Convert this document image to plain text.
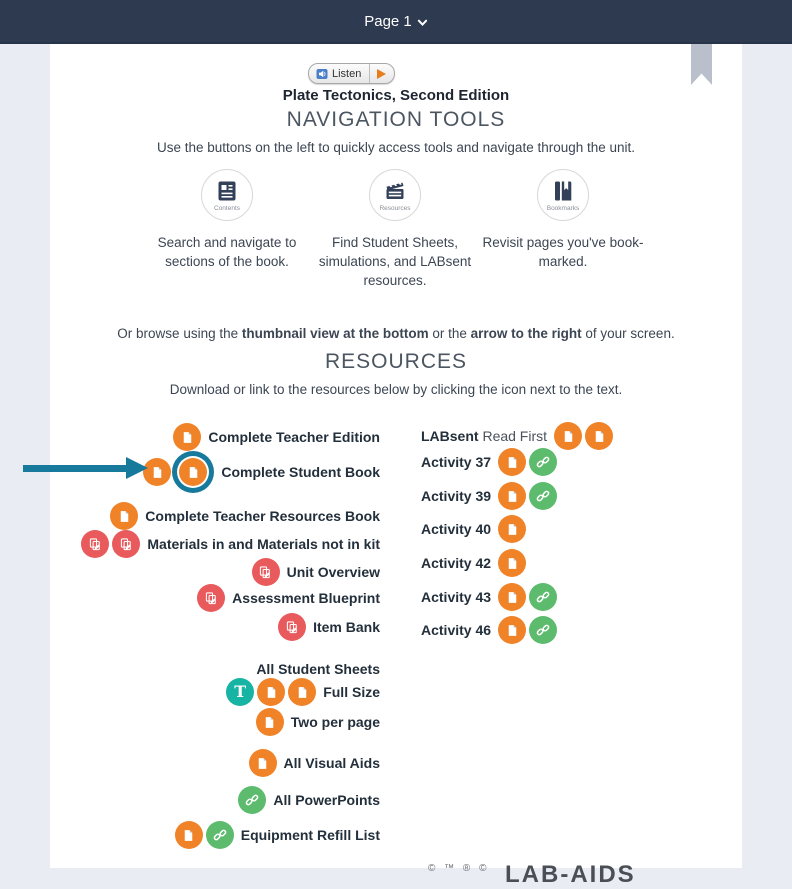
Page 1
Listen
Plate Tectonics, Second Edition
NAVIGATION TOOLS
Use the buttons on the left to quickly access tools and navigate through the unit.
Contents
Search and navigate to sections of the book.
Resources
Find Student Sheets, simulations, and LABsent resources.
Bookmarks
Revisit pages you've book-marked.

Or browse using the thumbnail view at the bottom or the arrow to the right of your screen.

RESOURCES
Download or link to the resources below by clicking the icon next to the text.
Complete Teacher Edition
Complete Student Book
Complete Teacher Resources Book
Materials in and Materials not in kit
Unit Overview
Assessment Blueprint
Item Bank
All Student Sheets
T	Full Size
Two per page
All Visual Aids
All PowerPoints
Equipment Refill List
LABsent Read First
Activity 37
Activity 39
Activity 40
Activity 42
Activity 43
Activity 46
© ™ ® © LAB-AIDS
